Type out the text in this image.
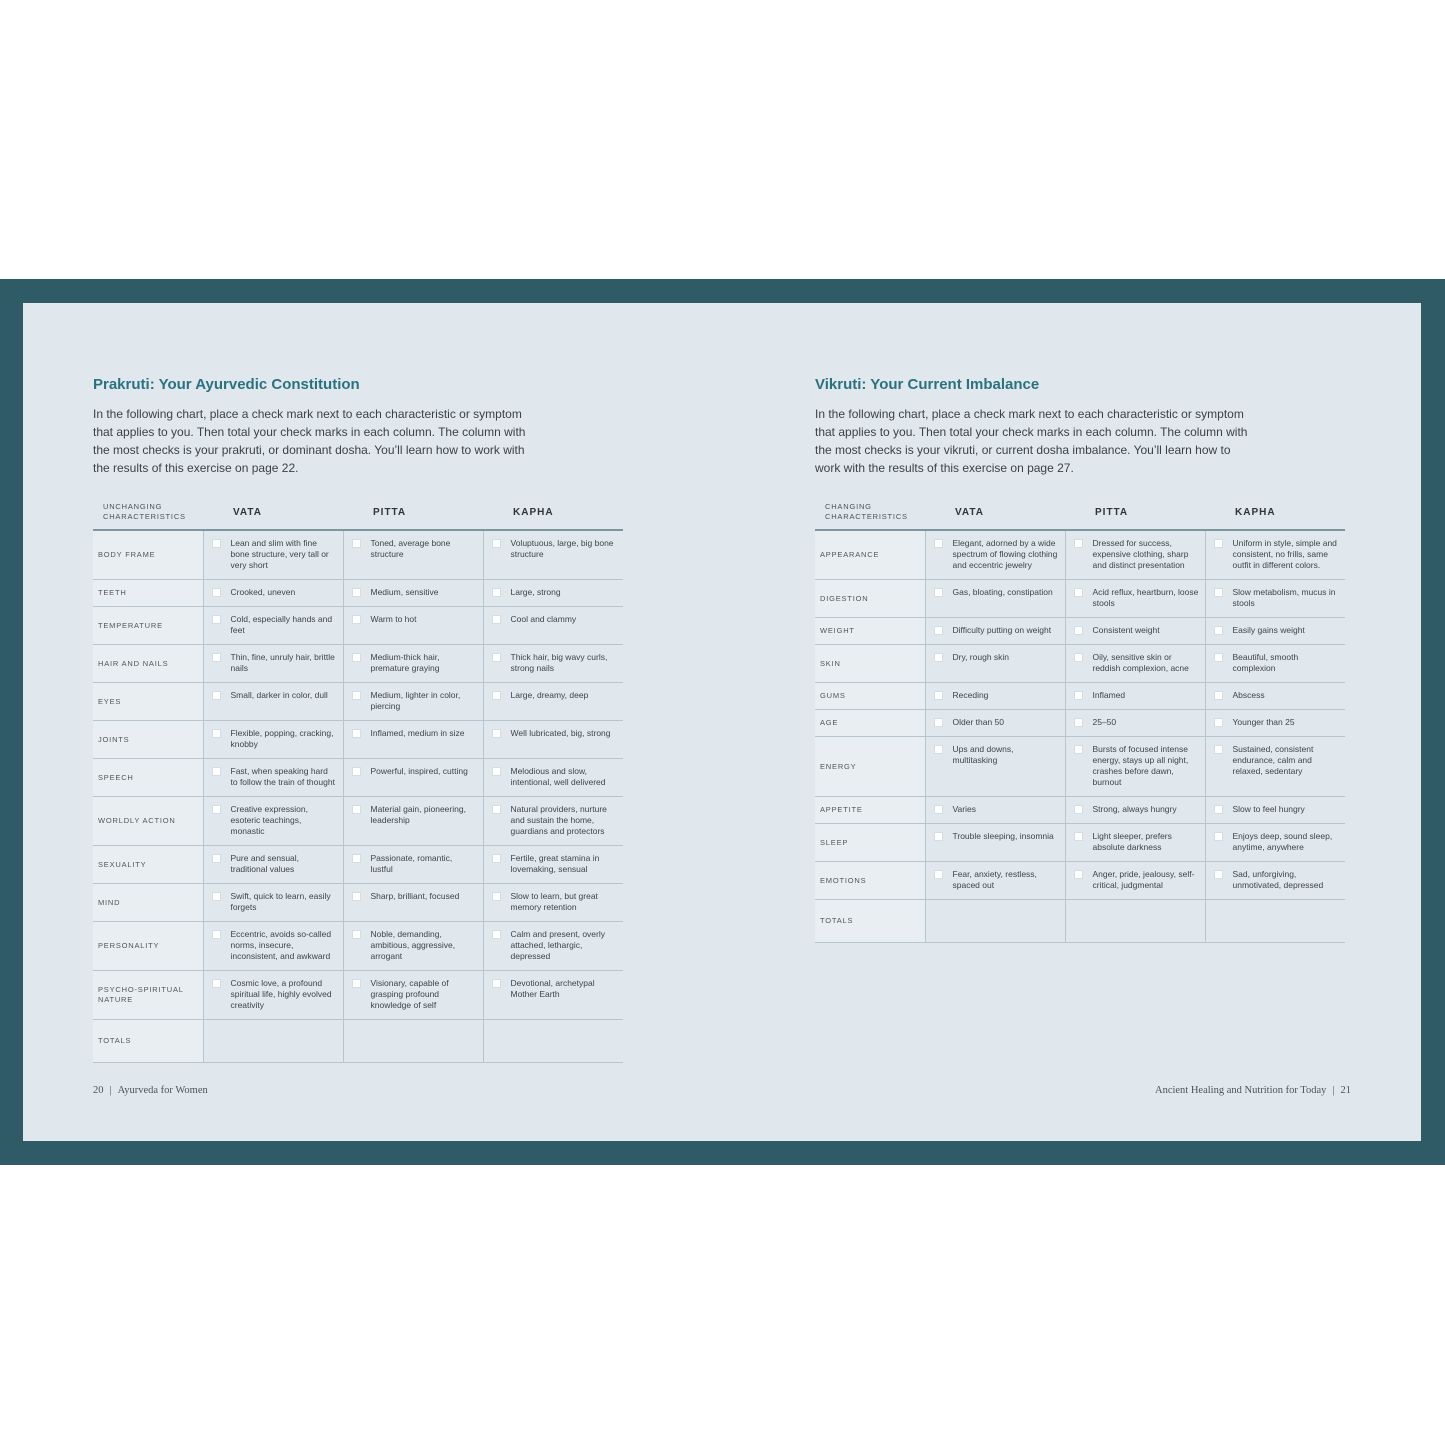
Prakruti: Your Ayurvedic Constitution

In the following chart, place a check mark next to each characteristic or symptom that applies to you. Then total your check marks in each column. The column with the most checks is your prakruti, or dominant dosha. You’ll learn how to work with the results of this exercise on page 22.

UNCHANGING CHARACTERISTICS	VATA	PITTA	KAPHA
BODY FRAME	Lean and slim with fine bone structure, very tall or very short	Toned, average bone structure	Voluptuous, large, big bone structure

TEETH	Crooked, uneven	Medium, sensitive	Large, strong

TEMPERATURE	Cold, especially hands and feet	Warm to hot	Cool and clammy

HAIR AND NAILS	Thin, fine, unruly hair, brittle nails	Medium-thick hair, premature graying	Thick hair, big wavy curls, strong nails

EYES	Small, darker in color, dull	Medium, lighter in color, piercing	Large, dreamy, deep

JOINTS	Flexible, popping, cracking, knobby	Inflamed, medium in size	Well lubricated, big, strong

SPEECH	Fast, when speaking hard to follow the train of thought	Powerful, inspired, cutting	Melodious and slow, intentional, well delivered

WORLDLY ACTION	Creative expression, esoteric teachings, monastic	Material gain, pioneering, leadership	Natural providers, nurture and sustain the home, guardians and protectors

SEXUALITY	Pure and sensual, traditional values	Passionate, romantic, lustful	Fertile, great stamina in lovemaking, sensual

MIND	Swift, quick to learn, easily forgets	Sharp, brilliant, focused	Slow to learn, but great memory retention

PERSONALITY	Eccentric, avoids so-called norms, insecure, inconsistent, and awkward	Noble, demanding, ambitious, aggressive, arrogant	Calm and present, overly attached, lethargic, depressed

PSYCHO-SPIRITUAL NATURE	Cosmic love, a profound spiritual life, highly evolved creativity	Visionary, capable of grasping profound knowledge of self	Devotional, archetypal Mother Earth

TOTALS			
Vikruti: Your Current Imbalance

In the following chart, place a check mark next to each characteristic or symptom that applies to you. Then total your check marks in each column. The column with the most checks is your vikruti, or current dosha imbalance. You’ll learn how to work with the results of this exercise on page 27.

CHANGING CHARACTERISTICS	VATA	PITTA	KAPHA
APPEARANCE	Elegant, adorned by a wide spectrum of flowing clothing and eccentric jewelry	Dressed for success, expensive clothing, sharp and distinct presentation	Uniform in style, simple and consistent, no frills, same outfit in different colors.

DIGESTION	Gas, bloating, constipation	Acid reflux, heartburn, loose stools	Slow metabolism, mucus in stools

WEIGHT	Difficulty putting on weight	Consistent weight	Easily gains weight

SKIN	Dry, rough skin	Oily, sensitive skin or reddish complexion, acne	Beautiful, smooth complexion

GUMS	Receding	Inflamed	Abscess

AGE	Older than 50	25–50	Younger than 25

ENERGY	Ups and downs, multitasking	Bursts of focused intense energy, stays up all night, crashes before dawn, burnout	Sustained, consistent endurance, calm and relaxed, sedentary

APPETITE	Varies	Strong, always hungry	Slow to feel hungry

SLEEP	Trouble sleeping, insomnia	Light sleeper, prefers absolute darkness	Enjoys deep, sound sleep, anytime, anywhere

EMOTIONS	Fear, anxiety, restless, spaced out	Anger, pride, jealousy, self-critical, judgmental	Sad, unforgiving, unmotivated, depressed

TOTALS			
20 | Ayurveda for Women	Ancient Healing and Nutrition for Today | 21
